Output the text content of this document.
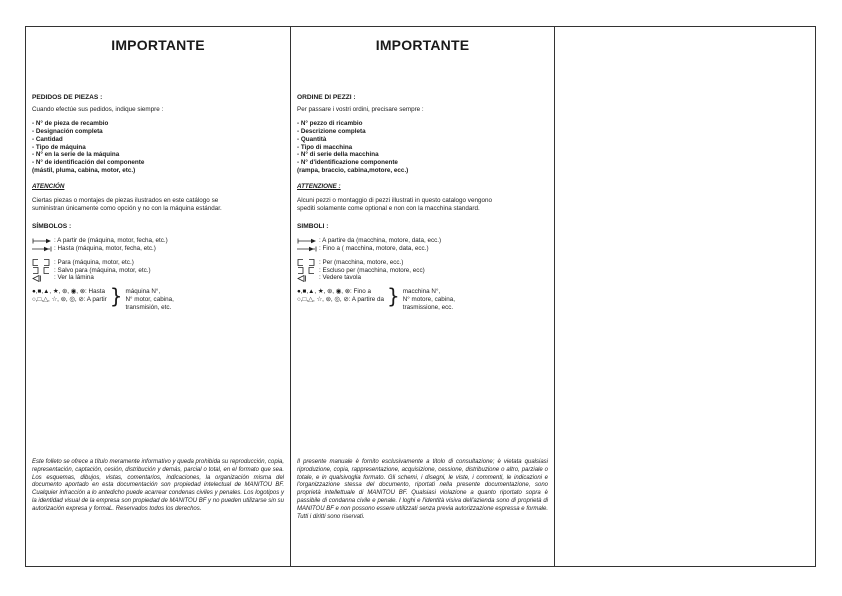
IMPORTANTE

PEDIDOS DE PIEZAS :

Cuando efectúe sus pedidos, indique siempre :

- N° de pieza de recambio
- Designación completa
- Cantidad
- Tipo de máquina
- N° en la serie de la máquina
- N° de identificación del componente
(mástil, pluma, cabina, motor, etc.)

ATENCIÓN

Ciertas piezas o montajes de piezas ilustrados en este catálogo se

suministran únicamente como opción y no con la máquina estándar.

SÍMBOLOS :

: A partir de (máquina, motor, fecha, etc.)
: Hasta (máquina, motor, fecha, etc.)
: Para (máquina, motor, etc.)
: Salvo para (máquina, motor, etc.)
: Ver la lámina
●,■,▲, ★, ⊛, ◉, ⊗: Hasta
○,□,△, ☆, ⊚, ◎, ⊘: A partir } máquina N°,
N° motor, cabina,
transmisión, etc.
Este folleto se ofrece a título meramente informativo y queda prohibida su reproducción, copia, representación, captación, cesión, distribución y demás, parcial o total, en el formato que sea. Los esquemas, dibujos, vistas, comentarios, indicaciones, la organización misma del documento aportado en esta documentación son propiedad intelectual de MANITOU BF. Cualquier infracción a lo antedicho puede acarrear condenas civiles y penales. Los logotipos y la identidad visual de la empresa son propiedad de MANITOU BF y no pueden utilizarse sin su autorización expresa y formaL. Reservados todos los derechos.
IMPORTANTE

ORDINE DI PEZZI :

Per passare i vostri ordini, precisare sempre :

- N° pezzo di ricambio
- Descrizione completa
- Quantità
- Tipo di macchina
- N° di serie della macchina
- N° d'identificazione componente
(rampa, braccio, cabina,motore, ecc.)

ATTENZIONE :

Alcuni pezzi o montaggio di pezzi illustrati in questo catalogo vengono

spediti solamente come optional e non con la macchina standard.

SIMBOLI :

: A partire da (macchina, motore, data, ecc.)
: Fino a ( macchina, motore, data, ecc.)
: Per (macchina, motore, ecc.)
: Escluso per (macchina, motore, ecc)
: Vedere tavola
●,■,▲, ★, ⊛, ◉, ⊗: Fino a
○,□,△, ☆, ⊚, ◎, ⊘: A partire da } macchina N°,
N° motore, cabina,
trasmissione, ecc.
Il presente manuale è fornito esclusivamente a titolo di consultazione; è vietata qualsiasi riproduzione, copia, rappresentazione, acquisizione, cessione, distribuzione o altro, parziale o totale, e in qualsivoglia formato. Gli schemi, i disegni, le viste, i commenti, le indicazioni e l'organizzazione stessa del documento, riportati nella presente documentazione, sono proprietà intellettuale di MANITOU BF. Qualsiasi violazione a quanto riportato sopra è passibile di condanna civile e penale. I loghi e l'identità visiva dell'azienda sono di proprietà di MANITOU BF e non possono essere utilizzati senza previa autorizzazione espressa e formale. Tutti i diritti sono riservati.
